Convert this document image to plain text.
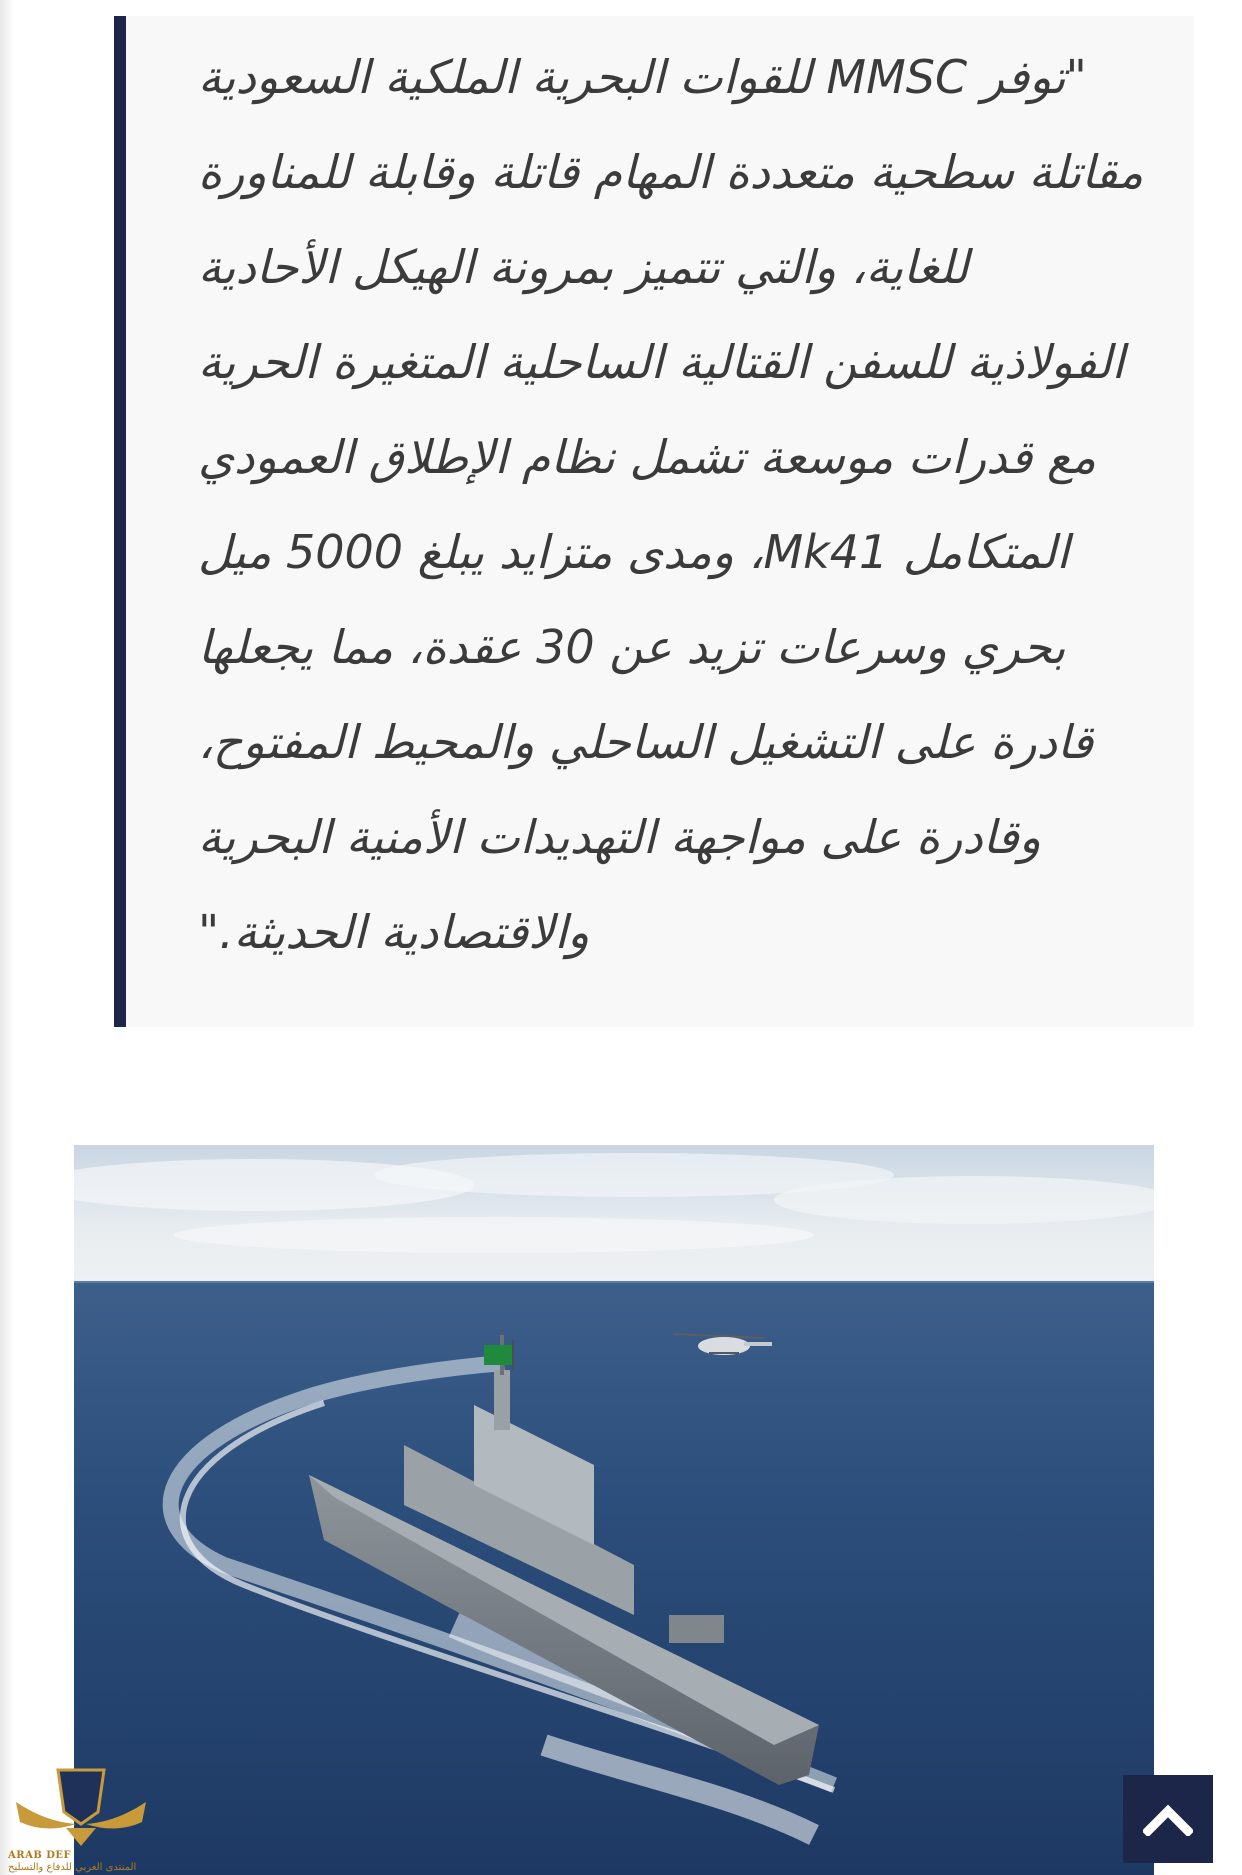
"توفر MMSC للقوات البحرية الملكية السعودية
مقاتلة سطحية متعددة المهام قاتلة وقابلة للمناورة
للغاية، والتي تتميز بمرونة الهيكل الأحادية
الفولاذية للسفن القتالية الساحلية المتغيرة الحرية
مع قدرات موسعة تشمل نظام الإطلاق العمودي
المتكامل Mk41، ومدى متزايد يبلغ 5000 ميل
بحري وسرعات تزيد عن 30 عقدة، مما يجعلها
قادرة على التشغيل الساحلي والمحيط المفتوح،
وقادرة على مواجهة التهديدات الأمنية البحرية
والاقتصادية الحديثة."

ARAB DEF
المنتدى العربي للدفاع والتسليح
